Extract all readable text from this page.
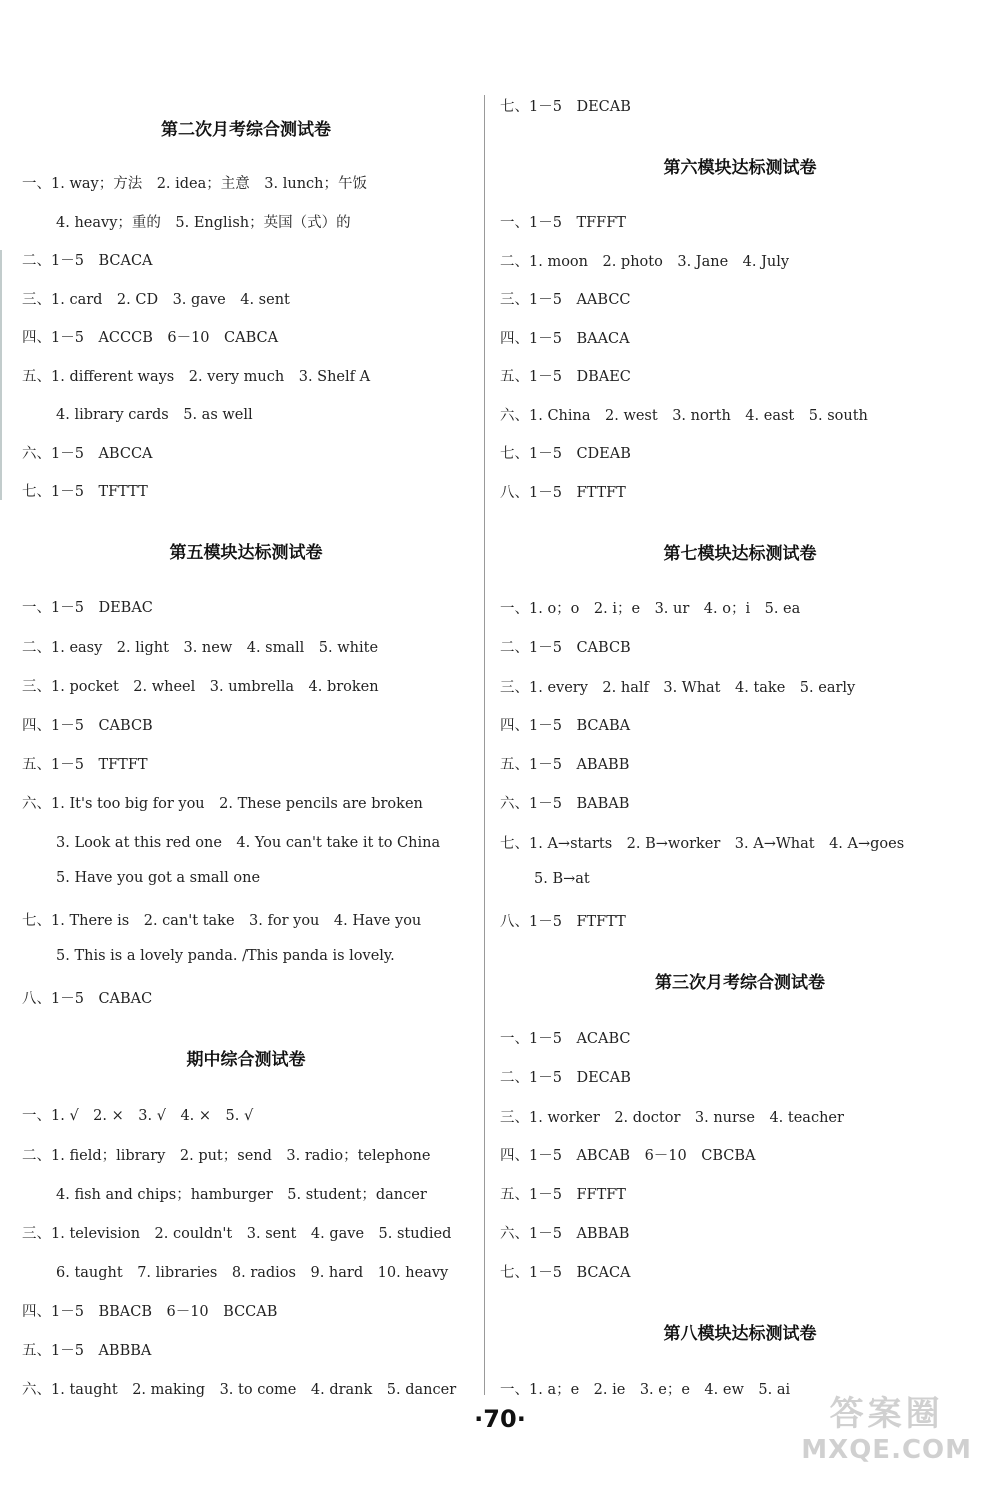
第二次月考综合测试卷
一、1. way；方法　2. idea；主意　3. lunch；午饭
4. heavy；重的　5. English；英国（式）的
二、1－5　BCACA
三、1. card　2. CD　3. gave　4. sent
四、1－5　ACCCB　6－10　CABCA
五、1. different ways　2. very much　3. Shelf A
4. library cards　5. as well
六、1－5　ABCCA
七、1－5　TFTTT
第五模块达标测试卷
一、1－5　DEBAC
二、1. easy　2. light　3. new　4. small　5. white
三、1. pocket　2. wheel　3. umbrella　4. broken
四、1－5　CABCB
五、1－5　TFTFT
六、1. It's too big for you　2. These pencils are broken
3. Look at this red one　4. You can't take it to China
5. Have you got a small one
七、1. There is　2. can't take　3. for you　4. Have you
5. This is a lovely panda. /This panda is lovely.
八、1－5　CABAC
期中综合测试卷
一、1. √　2. ×　3. √　4. ×　5. √
二、1. field；library　2. put；send　3. radio；telephone
4. fish and chips；hamburger　5. student；dancer
三、1. television　2. couldn't　3. sent　4. gave　5. studied
6. taught　7. libraries　8. radios　9. hard　10. heavy
四、1－5　BBACB　6－10　BCCAB
五、1－5　ABBBA
六、1. taught　2. making　3. to come　4. drank　5. dancer
七、1－5　DECAB
第六模块达标测试卷
一、1－5　TFFFT
二、1. moon　2. photo　3. Jane　4. July
三、1－5　AABCC
四、1－5　BAACA
五、1－5　DBAEC
六、1. China　2. west　3. north　4. east　5. south
七、1－5　CDEAB
八、1－5　FTTFT
第七模块达标测试卷
一、1. o；o　2. i；e　3. ur　4. o；i　5. ea
二、1－5　CABCB
三、1. every　2. half　3. What　4. take　5. early
四、1－5　BCABA
五、1－5　ABABB
六、1－5　BABAB
七、1. A→starts　2. B→worker　3. A→What　4. A→goes
5. B→at
八、1－5　FTFTT
第三次月考综合测试卷
一、1－5　ACABC
二、1－5　DECAB
三、1. worker　2. doctor　3. nurse　4. teacher
四、1－5　ABCAB　6－10　CBCBA
五、1－5　FFTFT
六、1－5　ABBAB
七、1－5　BCACA
第八模块达标测试卷
一、1. a；e　2. ie　3. e；e　4. ew　5. ai
·70·	答案圈
MXQE.COM
